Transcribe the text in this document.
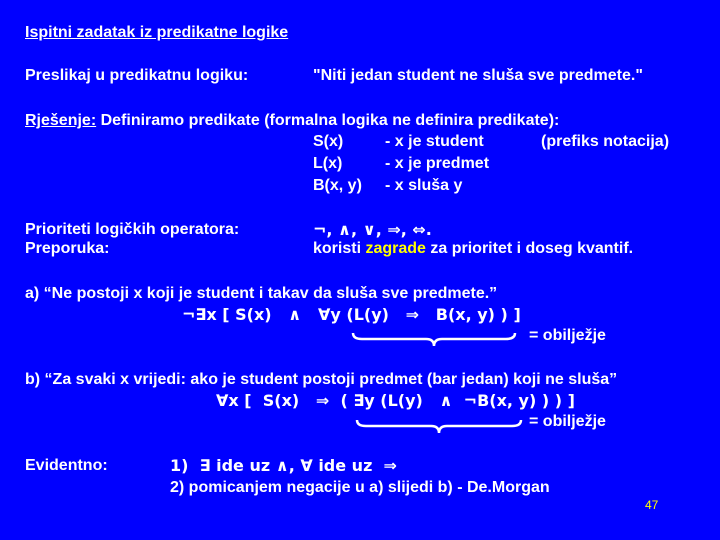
Ispitni zadatak iz predikatne logike
Preslikaj u predikatnu logiku:	"Niti jedan student ne sluša sve predmete."
Rješenje: Definiramo predikate (formalna logika ne definira predikate):
S(x)	- x je student	(prefiks notacija)
L(x)	- x je predmet
B(x, y) - x sluša y
Prioriteti logičkih operatora:	¬, ∧, ∨, ⇒, ⇔.
Preporuka:	koristi zagrade za prioritet i doseg kvantif.
a) “Ne postoji x koji je student i takav da sluša sve predmete.”
¬∃x [ S(x)   ∧   ∀y (L(y)   ⇒   B(x, y) ) ]
= obilježje
b) “Za svaki x vrijedi: ako je student postoji predmet (bar jedan) koji ne sluša”
∀x [  S(x)   ⇒  ( ∃y (L(y)   ∧  ¬B(x, y) ) ) ]
= obilježje
Evidentno:	1)  ∃ ide uz ∧, ∀ ide uz  ⇒
2) pomicanjem negacije u a) slijedi b) - De.Morgan
47
